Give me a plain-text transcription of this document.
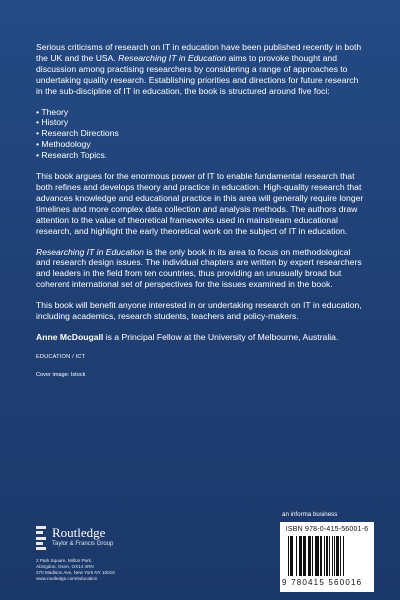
Serious criticisms of research on IT in education have been published recently in both the UK and the USA. Researching IT in Education aims to provoke thought and discussion among practising researchers by considering a range of approaches to undertaking quality research. Establishing priorities and directions for future research in the sub-discipline of IT in education, the book is structured around five foci:

• Theory
• History
• Research Directions
• Methodology
• Research Topics.

This book argues for the enormous power of IT to enable fundamental research that both refines and develops theory and practice in education. High-quality research that advances knowledge and educational practice in this area will generally require longer timelines and more complex data collection and analysis methods. The authors draw attention to the value of theoretical frameworks used in mainstream educational research, and highlight the early theoretical work on the subject of IT in education.

Researching IT in Education is the only book in its area to focus on methodological and research design issues. The individual chapters are written by expert researchers and leaders in the field from ten countries, thus providing an unusually broad but coherent international set of perspectives for the issues examined in the book.

This book will benefit anyone interested in or undertaking research on IT in education, including academics, research students, teachers and policy-makers.

Anne McDougall is a Principal Fellow at the University of Melbourne, Australia.

EDUCATION / ICT

Cover image: Istock

Routledge
Taylor & Francis Group
2 Park Square, Milton Park,
Abingdon, Oxon, OX14 4RN
270 Madison Ave, New York NY 10016
www.routledge.com/education
an informa business
ISBN 978-0-415-56001-6
9 780415 560016
